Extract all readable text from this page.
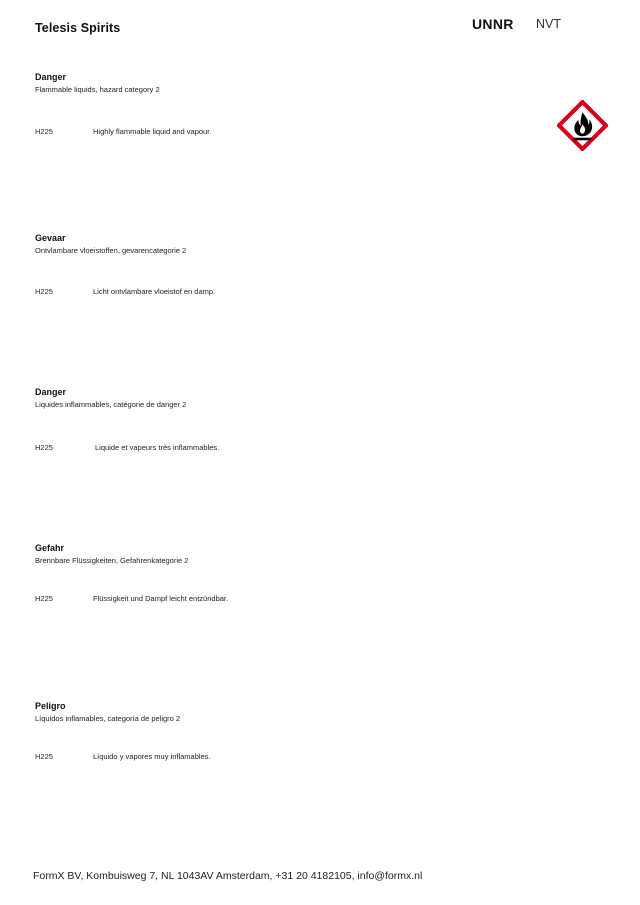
Telesis Spirits	UNNR NVT

Danger

Flammable liquids, hazard category 2

H225	Highly flammable liquid and vapour.

Gevaar

Ontvlambare vloeistoffen, gevarencategorie 2

H225	Licht ontvlambare vloeistof en damp.

Danger

Liquides inflammables, catégorie de danger 2

H225	Liquide et vapeurs très inflammables.

Gefahr

Brennbare Flüssigkeiten, Gefahrenkategorie 2

H225	Flüssigkeit und Dampf leicht entzündbar.

Peligro

Líquidos inflamables, categoría de peligro 2

H225	Líquido y vapores muy inflamables.
FormX BV, Kombuisweg 7, NL 1043AV Amsterdam, +31 20 4182105, info@formx.nl
